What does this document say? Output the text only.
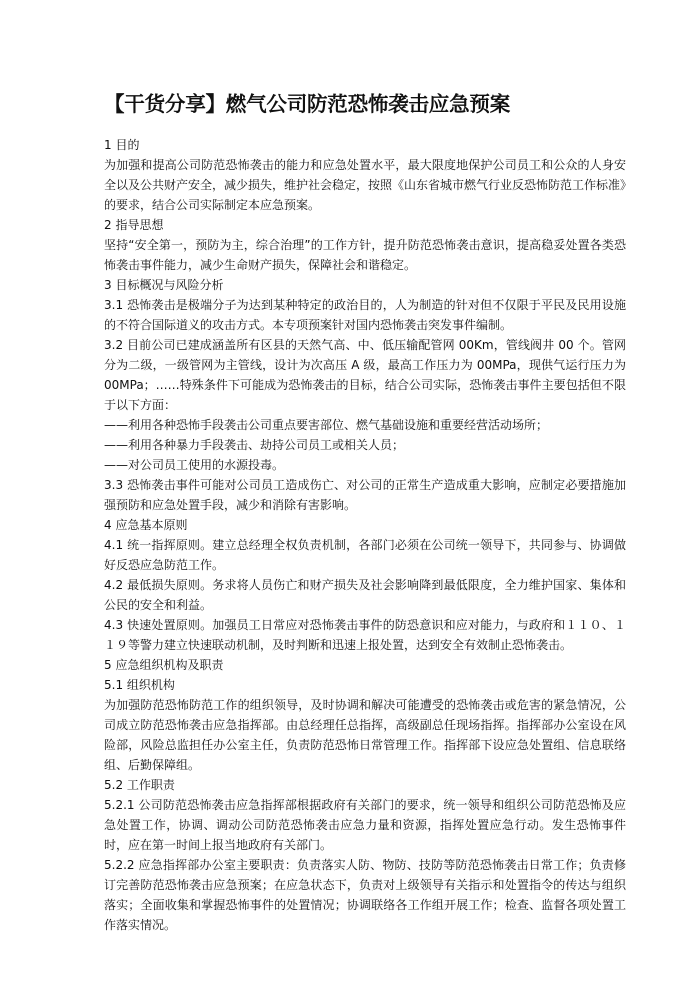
【干货分享】燃气公司防范恐怖袭击应急预案

1 目的

为加强和提高公司防范恐怖袭击的能力和应急处置水平，最大限度地保护公司员工和公众的人身安全以及公共财产安全，减少损失，维护社会稳定，按照《山东省城市燃气行业反恐怖防范工作标准》的要求，结合公司实际制定本应急预案。

2 指导思想

坚持“安全第一，预防为主，综合治理”的工作方针，提升防范恐怖袭击意识，提高稳妥处置各类恐怖袭击事件能力，减少生命财产损失，保障社会和谐稳定。

3 目标概况与风险分析

3.1 恐怖袭击是极端分子为达到某种特定的政治目的，人为制造的针对但不仅限于平民及民用设施的不符合国际道义的攻击方式。本专项预案针对国内恐怖袭击突发事件编制。

3.2 目前公司已建成涵盖所有区县的天然气高、中、低压输配管网 00Km，管线阀井 00 个。管网分为二级，一级管网为主管线，设计为次高压 A 级，最高工作压力为 00MPa，现供气运行压力为 00MPa；……特殊条件下可能成为恐怖袭击的目标，结合公司实际，恐怖袭击事件主要包括但不限于以下方面：

——利用各种恐怖手段袭击公司重点要害部位、燃气基础设施和重要经营活动场所；

——利用各种暴力手段袭击、劫持公司员工或相关人员；

——对公司员工使用的水源投毒。

3.3 恐怖袭击事件可能对公司员工造成伤亡、对公司的正常生产造成重大影响，应制定必要措施加强预防和应急处置手段，减少和消除有害影响。

4 应急基本原则

4.1 统一指挥原则。建立总经理全权负责机制，各部门必须在公司统一领导下，共同参与、协调做好反恐应急防范工作。

4.2 最低损失原则。务求将人员伤亡和财产损失及社会影响降到最低限度，全力维护国家、集体和公民的安全和利益。

4.3 快速处置原则。加强员工日常应对恐怖袭击事件的防恐意识和应对能力，与政府和１１０、１１９等警力建立快速联动机制，及时判断和迅速上报处置，达到安全有效制止恐怖袭击。

5 应急组织机构及职责

5.1 组织机构

为加强防范恐怖防范工作的组织领导，及时协调和解决可能遭受的恐怖袭击或危害的紧急情况，公司成立防范恐怖袭击应急指挥部。由总经理任总指挥，高级副总任现场指挥。指挥部办公室设在风险部，风险总监担任办公室主任，负责防范恐怖日常管理工作。指挥部下设应急处置组、信息联络组、后勤保障组。

5.2 工作职责

5.2.1 公司防范恐怖袭击应急指挥部根据政府有关部门的要求，统一领导和组织公司防范恐怖及应急处置工作，协调、调动公司防范恐怖袭击应急力量和资源，指挥处置应急行动。发生恐怖事件时，应在第一时间上报当地政府有关部门。

5.2.2 应急指挥部办公室主要职责：负责落实人防、物防、技防等防范恐怖袭击日常工作；负责修订完善防范恐怖袭击应急预案；在应急状态下，负责对上级领导有关指示和处置指令的传达与组织落实；全面收集和掌握恐怖事件的处置情况；协调联络各工作组开展工作；检查、监督各项处置工作落实情况。
